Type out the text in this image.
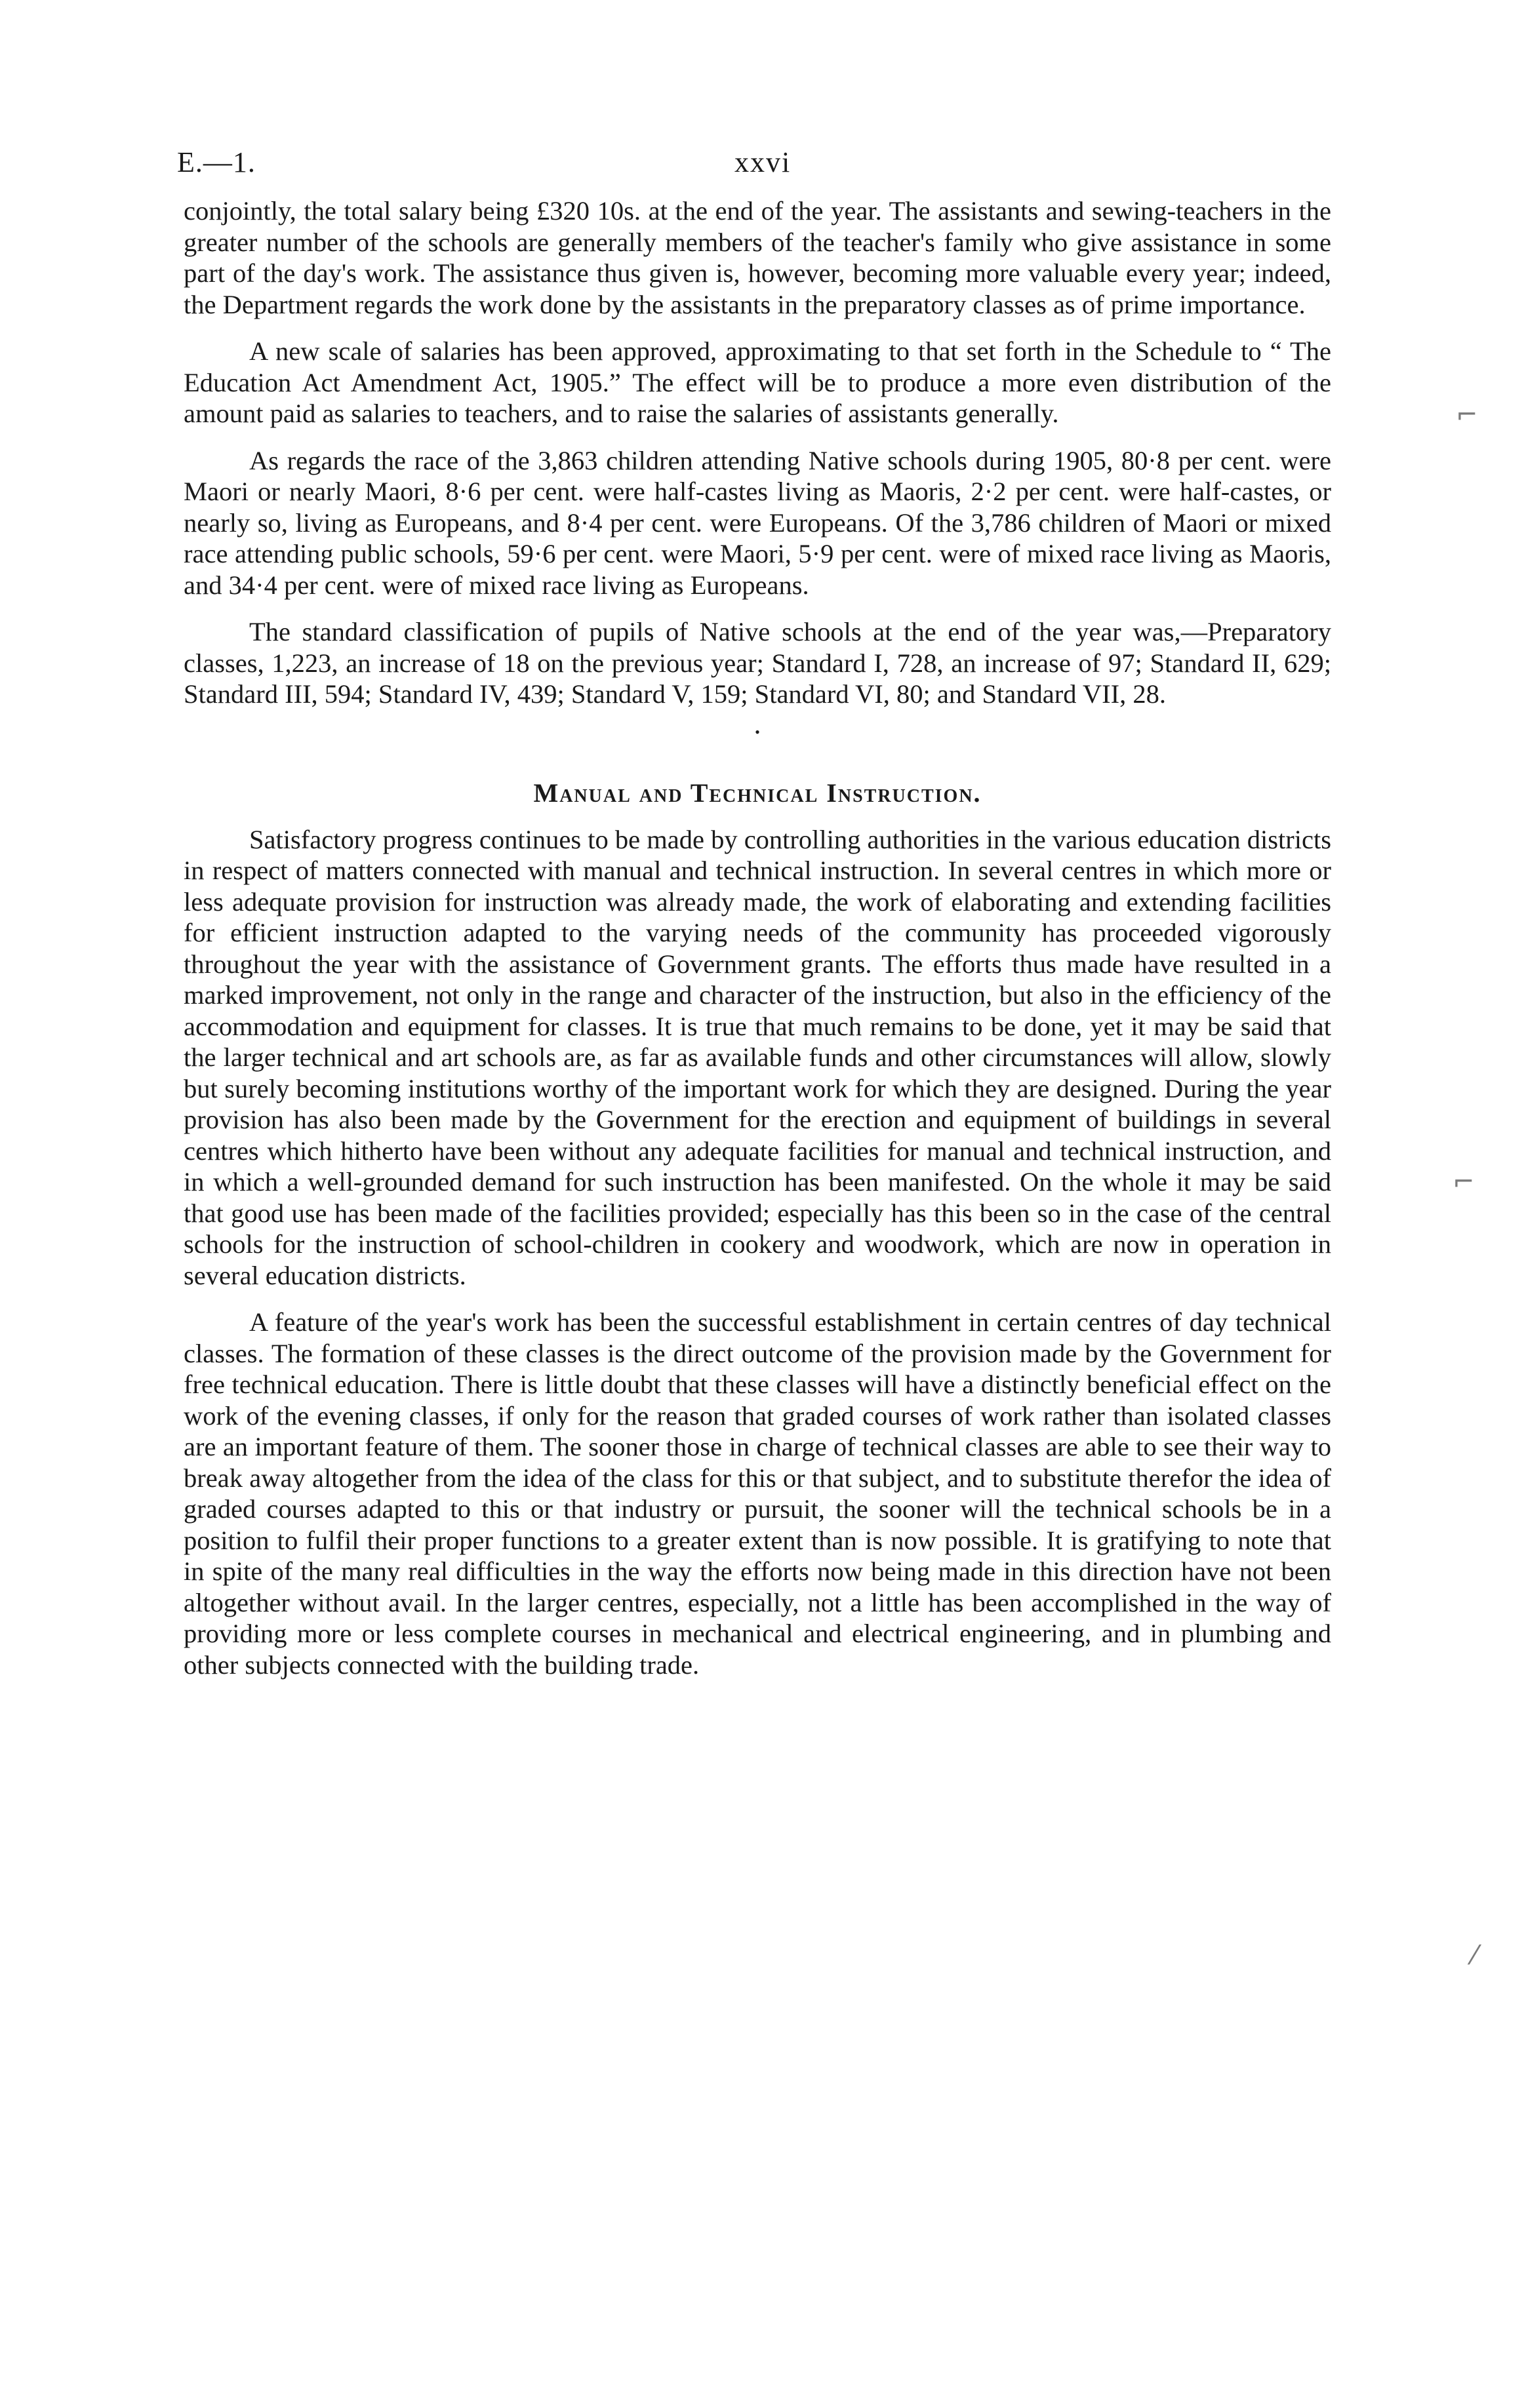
E.—1.	xxvi

conjointly, the total salary being £320 10s. at the end of the year. The assistants and sewing-teachers in the greater number of the schools are generally members of the teacher's family who give assistance in some part of the day's work. The assistance thus given is, however, becoming more valuable every year; indeed, the Department regards the work done by the assistants in the preparatory classes as of prime importance.

A new scale of salaries has been approved, approximating to that set forth in the Schedule to “ The Education Act Amendment Act, 1905.” The effect will be to produce a more even distribution of the amount paid as salaries to teachers, and to raise the salaries of assistants generally.

As regards the race of the 3,863 children attending Native schools during 1905, 80·8 per cent. were Maori or nearly Maori, 8·6 per cent. were half-castes living as Maoris, 2·2 per cent. were half-castes, or nearly so, living as Europeans, and 8·4 per cent. were Europeans. Of the 3,786 children of Maori or mixed race attending public schools, 59·6 per cent. were Maori, 5·9 per cent. were of mixed race living as Maoris, and 34·4 per cent. were of mixed race living as Europeans.

The standard classification of pupils of Native schools at the end of the year was,—Preparatory classes, 1,223, an increase of 18 on the previous year; Standard I, 728, an increase of 97; Standard II, 629; Standard III, 594; Standard IV, 439; Standard V, 159; Standard VI, 80; and Standard VII, 28.

•
Manual and Technical Instruction.

Satisfactory progress continues to be made by controlling authorities in the various education districts in respect of matters connected with manual and technical instruction. In several centres in which more or less adequate provision for instruction was already made, the work of elaborating and extending facilities for efficient instruction adapted to the varying needs of the community has proceeded vigorously throughout the year with the assistance of Government grants. The efforts thus made have resulted in a marked improvement, not only in the range and character of the instruction, but also in the efficiency of the accommodation and equipment for classes. It is true that much remains to be done, yet it may be said that the larger technical and art schools are, as far as available funds and other circumstances will allow, slowly but surely becoming institutions worthy of the important work for which they are designed. During the year provision has also been made by the Government for the erection and equipment of buildings in several centres which hitherto have been without any adequate facilities for manual and technical instruction, and in which a well-grounded demand for such instruction has been manifested. On the whole it may be said that good use has been made of the facilities provided; especially has this been so in the case of the central schools for the instruction of school-children in cookery and woodwork, which are now in operation in several education districts.

A feature of the year's work has been the successful establishment in certain centres of day technical classes. The formation of these classes is the direct outcome of the provision made by the Government for free technical education. There is little doubt that these classes will have a distinctly beneficial effect on the work of the evening classes, if only for the reason that graded courses of work rather than isolated classes are an important feature of them. The sooner those in charge of technical classes are able to see their way to break away altogether from the idea of the class for this or that subject, and to substitute therefor the idea of graded courses adapted to this or that industry or pursuit, the sooner will the technical schools be in a position to fulfil their proper functions to a greater extent than is now possible. It is gratifying to note that in spite of the many real difficulties in the way the efforts now being made in this direction have not been altogether without avail. In the larger centres, especially, not a little has been accomplished in the way of providing more or less complete courses in mechanical and electrical engineering, and in plumbing and other subjects connected with the building trade.

⌐
⌐
⁄
